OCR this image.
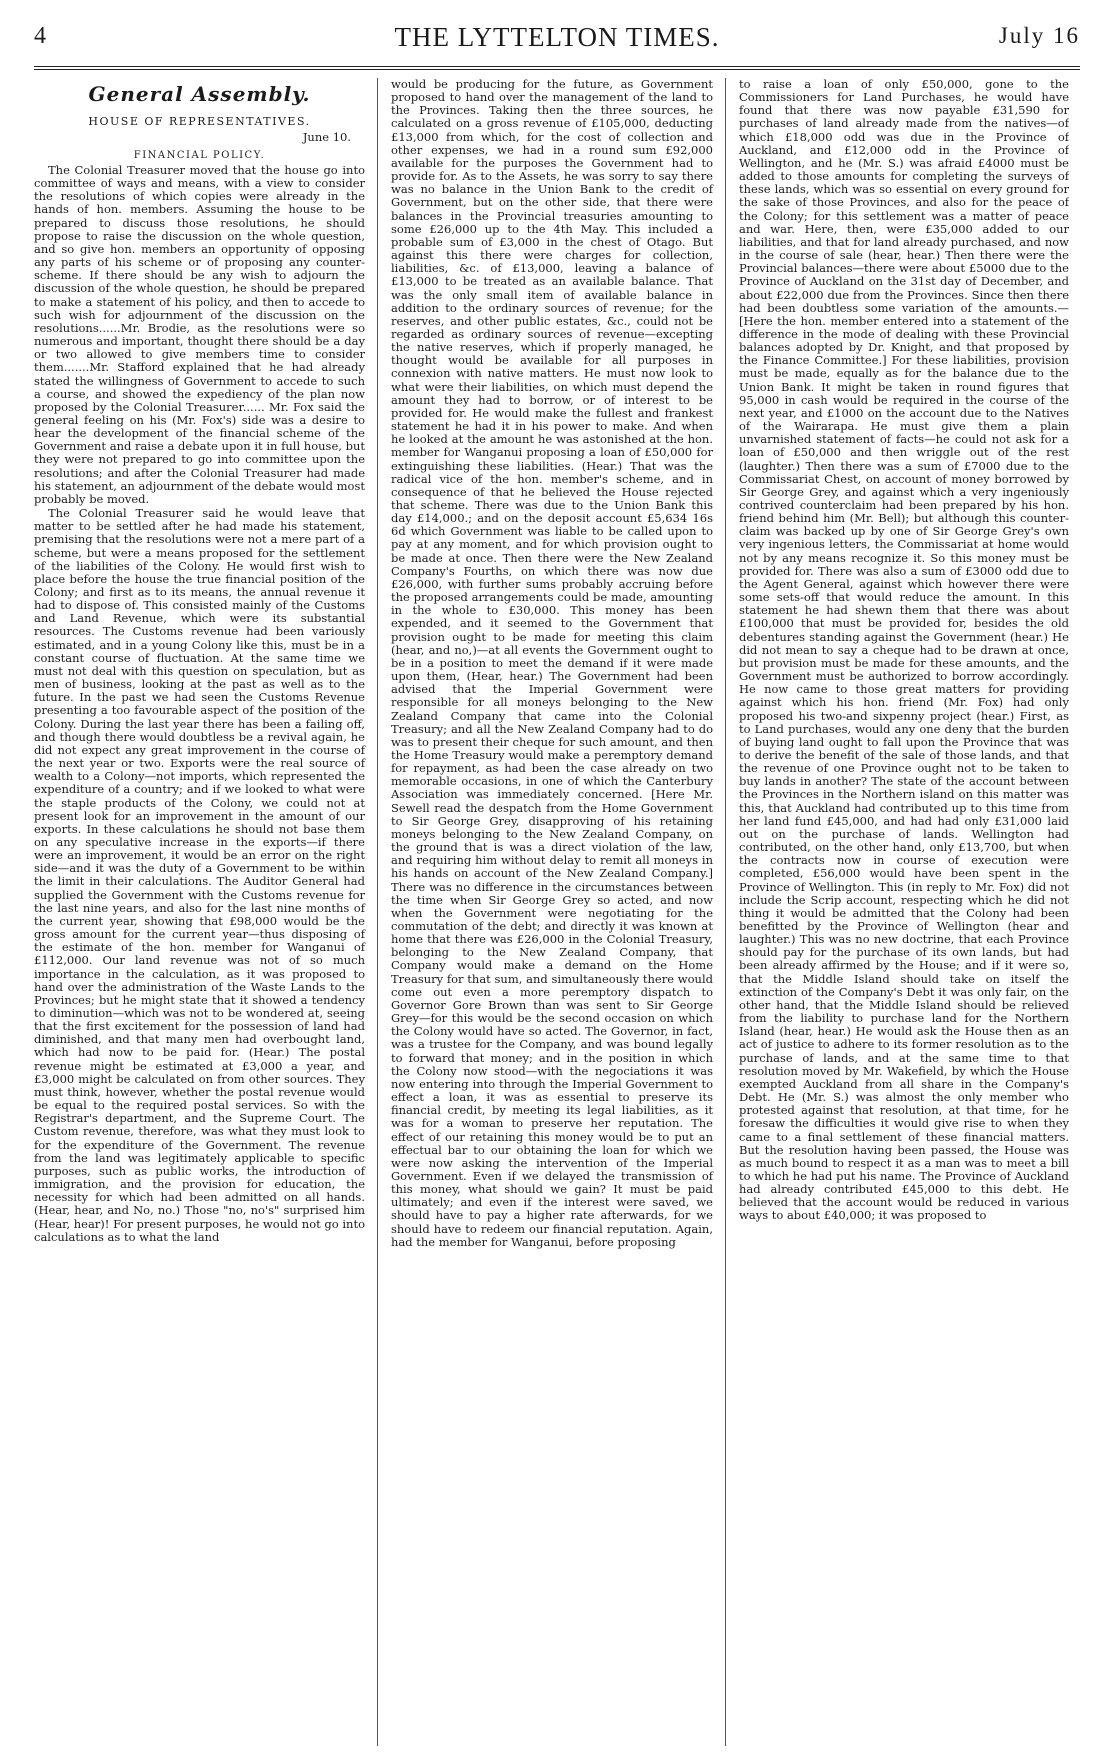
4	THE LYTTELTON TIMES.	July 16
General Assembly.
HOUSE OF REPRESENTATIVES.
June 10.
FINANCIAL POLICY.

The Colonial Treasurer moved that the house go into committee of ways and means, with a view to consider the resolutions of which copies were already in the hands of hon. members. Assuming the house to be prepared to discuss those resolutions, he should propose to raise the discussion on the whole question, and so give hon. members an opportunity of opposing any parts of his scheme or of proposing any counter-scheme. If there should be any wish to adjourn the discussion of the whole question, he should be prepared to make a statement of his policy, and then to accede to such wish for adjournment of the discussion on the resolutions......Mr. Brodie, as the resolutions were so numerous and important, thought there should be a day or two allowed to give members time to consider them.......Mr. Stafford explained that he had already stated the willingness of Government to accede to such a course, and showed the expediency of the plan now proposed by the Colonial Treasurer...... Mr. Fox said the general feeling on his (Mr. Fox's) side was a desire to hear the development of the financial scheme of the Government and raise a debate upon it in full house, but they were not prepared to go into committee upon the resolutions; and after the Colonial Treasurer had made his statement, an adjournment of the debate would most probably be moved.

The Colonial Treasurer said he would leave that matter to be settled after he had made his statement, premising that the resolutions were not a mere part of a scheme, but were a means proposed for the settlement of the liabilities of the Colony. He would first wish to place before the house the true financial position of the Colony; and first as to its means, the annual revenue it had to dispose of. This consisted mainly of the Customs and Land Revenue, which were its substantial resources. The Customs revenue had been variously estimated, and in a young Colony like this, must be in a constant course of fluctuation. At the same time we must not deal with this question on speculation, but as men of business, looking at the past as well as to the future. In the past we had seen the Customs Revenue presenting a too favourable aspect of the position of the Colony. During the last year there has been a failing off, and though there would doubtless be a revival again, he did not expect any great improvement in the course of the next year or two. Exports were the real source of wealth to a Colony—not imports, which represented the expenditure of a country; and if we looked to what were the staple products of the Colony, we could not at present look for an improvement in the amount of our exports. In these calculations he should not base them on any speculative increase in the exports—if there were an improvement, it would be an error on the right side—and it was the duty of a Government to be within the limit in their calculations. The Auditor General had supplied the Government with the Customs revenue for the last nine years, and also for the last nine months of the current year, showing that £98,000 would be the gross amount for the current year—thus disposing of the estimate of the hon. member for Wanganui of £112,000. Our land revenue was not of so much importance in the calculation, as it was proposed to hand over the administration of the Waste Lands to the Provinces; but he might state that it showed a tendency to diminution—which was not to be wondered at, seeing that the first excitement for the possession of land had diminished, and that many men had overbought land, which had now to be paid for. (Hear.) The postal revenue might be estimated at £3,000 a year, and £3,000 might be calculated on from other sources. They must think, however, whether the postal revenue would be equal to the required postal services. So with the Registrar's department, and the Supreme Court. The Custom revenue, therefore, was what they must look to for the expenditure of the Government. The revenue from the land was legitimately applicable to specific purposes, such as public works, the introduction of immigration, and the provision for education, the necessity for which had been admitted on all hands. (Hear, hear, and No, no.) Those "no, no's" surprised him (Hear, hear)! For present purposes, he would not go into calculations as to what the land

would be producing for the future, as Government proposed to hand over the management of the land to the Provinces. Taking then the three sources, he calculated on a gross revenue of £105,000, deducting £13,000 from which, for the cost of collection and other expenses, we had in a round sum £92,000 available for the purposes the Government had to provide for. As to the Assets, he was sorry to say there was no balance in the Union Bank to the credit of Government, but on the other side, that there were balances in the Provincial treasuries amounting to some £26,000 up to the 4th May. This included a probable sum of £3,000 in the chest of Otago. But against this there were charges for collection, liabilities, &c. of £13,000, leaving a balance of £13,000 to be treated as an available balance. That was the only small item of available balance in addition to the ordinary sources of revenue; for the reserves, and other public estates, &c., could not be regarded as ordinary sources of revenue—excepting the native reserves, which if properly managed, he thought would be available for all purposes in connexion with native matters. He must now look to what were their liabilities, on which must depend the amount they had to borrow, or of interest to be provided for. He would make the fullest and frankest statement he had it in his power to make. And when he looked at the amount he was astonished at the hon. member for Wanganui proposing a loan of £50,000 for extinguishing these liabilities. (Hear.) That was the radical vice of the hon. member's scheme, and in consequence of that he believed the House rejected that scheme. There was due to the Union Bank this day £14,000.; and on the deposit account £5,634 16s 6d which Government was liable to be called upon to pay at any moment, and for which provision ought to be made at once. Then there were the New Zealand Company's Fourths, on which there was now due £26,000, with further sums probably accruing before the proposed arrangements could be made, amounting in the whole to £30,000. This money has been expended, and it seemed to the Government that provision ought to be made for meeting this claim (hear, and no,)—at all events the Government ought to be in a position to meet the demand if it were made upon them, (Hear, hear.) The Government had been advised that the Imperial Government were responsible for all moneys belonging to the New Zealand Company that came into the Colonial Treasury; and all the New Zealand Company had to do was to present their cheque for such amount, and then the Home Treasury would make a peremptory demand for repayment, as had been the case already on two memorable occasions, in one of which the Canterbury Association was immediately concerned. [Here Mr. Sewell read the despatch from the Home Government to Sir George Grey, disapproving of his retaining moneys belonging to the New Zealand Company, on the ground that is was a direct violation of the law, and requiring him without delay to remit all moneys in his hands on account of the New Zealand Company.] There was no difference in the circumstances between the time when Sir George Grey so acted, and now when the Government were negotiating for the commutation of the debt; and directly it was known at home that there was £26,000 in the Colonial Treasury, belonging to the New Zealand Company, that Company would make a demand on the Home Treasury for that sum, and simultaneously there would come out even a more peremptory dispatch to Governor Gore Brown than was sent to Sir George Grey—for this would be the second occasion on which the Colony would have so acted. The Governor, in fact, was a trustee for the Company, and was bound legally to forward that money; and in the position in which the Colony now stood—with the negociations it was now entering into through the Imperial Government to effect a loan, it was as essential to preserve its financial credit, by meeting its legal liabilities, as it was for a woman to preserve her reputation. The effect of our retaining this money would be to put an effectual bar to our obtaining the loan for which we were now asking the intervention of the Imperial Government. Even if we delayed the transmission of this money, what should we gain? It must be paid ultimately; and even if the interest were saved, we should have to pay a higher rate afterwards, for we should have to redeem our financial reputation. Again, had the member for Wanganui, before proposing

to raise a loan of only £50,000, gone to the Commissioners for Land Purchases, he would have found that there was now payable £31,590 for purchases of land already made from the natives—of which £18,000 odd was due in the Province of Auckland, and £12,000 odd in the Province of Wellington, and he (Mr. S.) was afraid £4000 must be added to those amounts for completing the surveys of these lands, which was so essential on every ground for the sake of those Provinces, and also for the peace of the Colony; for this settlement was a matter of peace and war. Here, then, were £35,000 added to our liabilities, and that for land already purchased, and now in the course of sale (hear, hear.) Then there were the Provincial balances—there were about £5000 due to the Province of Auckland on the 31st day of December, and about £22,000 due from the Provinces. Since then there had been doubtless some variation of the amounts.—[Here the hon. member entered into a statement of the difference in the mode of dealing with these Provincial balances adopted by Dr. Knight, and that proposed by the Finance Committee.] For these liabilities, provision must be made, equally as for the balance due to the Union Bank. It might be taken in round figures that 95,000 in cash would be required in the course of the next year, and £1000 on the account due to the Natives of the Wairarapa. He must give them a plain unvarnished statement of facts—he could not ask for a loan of £50,000 and then wriggle out of the rest (laughter.) Then there was a sum of £7000 due to the Commissariat Chest, on account of money borrowed by Sir George Grey, and against which a very ingeniously contrived counterclaim had been prepared by his hon. friend behind him (Mr. Bell); but although this counter-claim was backed up by one of Sir George Grey's own very ingenious letters, the Commissariat at home would not by any means recognize it. So this money must be provided for. There was also a sum of £3000 odd due to the Agent General, against which however there were some sets-off that would reduce the amount. In this statement he had shewn them that there was about £100,000 that must be provided for, besides the old debentures standing against the Government (hear.) He did not mean to say a cheque had to be drawn at once, but provision must be made for these amounts, and the Government must be authorized to borrow accordingly. He now came to those great matters for providing against which his hon. friend (Mr. Fox) had only proposed his two-and sixpenny project (hear.) First, as to Land purchases, would any one deny that the burden of buying land ought to fall upon the Province that was to derive the benefit of the sale of those lands, and that the revenue of one Province ought not to be taken to buy lands in another? The state of the account between the Provinces in the Northern island on this matter was this, that Auckland had contributed up to this time from her land fund £45,000, and had had only £31,000 laid out on the purchase of lands. Wellington had contributed, on the other hand, only £13,700, but when the contracts now in course of execution were completed, £56,000 would have been spent in the Province of Wellington. This (in reply to Mr. Fox) did not include the Scrip account, respecting which he did not thing it would be admitted that the Colony had been benefitted by the Province of Wellington (hear and laughter.) This was no new doctrine, that each Province should pay for the purchase of its own lands, but had been already affirmed by the House; and if it were so, that the Middle Island should take on itself the extinction of the Company's Debt it was only fair, on the other hand, that the Middle Island should be relieved from the liability to purchase land for the Northern Island (hear, hear.) He would ask the House then as an act of justice to adhere to its former resolution as to the purchase of lands, and at the same time to that resolution moved by Mr. Wakefield, by which the House exempted Auckland from all share in the Company's Debt. He (Mr. S.) was almost the only member who protested against that resolution, at that time, for he foresaw the difficulties it would give rise to when they came to a final settlement of these financial matters. But the resolution having been passed, the House was as much bound to respect it as a man was to meet a bill to which he had put his name. The Province of Auckland had already contributed £45,000 to this debt. He believed that the account would be reduced in various ways to about £40,000; it was proposed to
